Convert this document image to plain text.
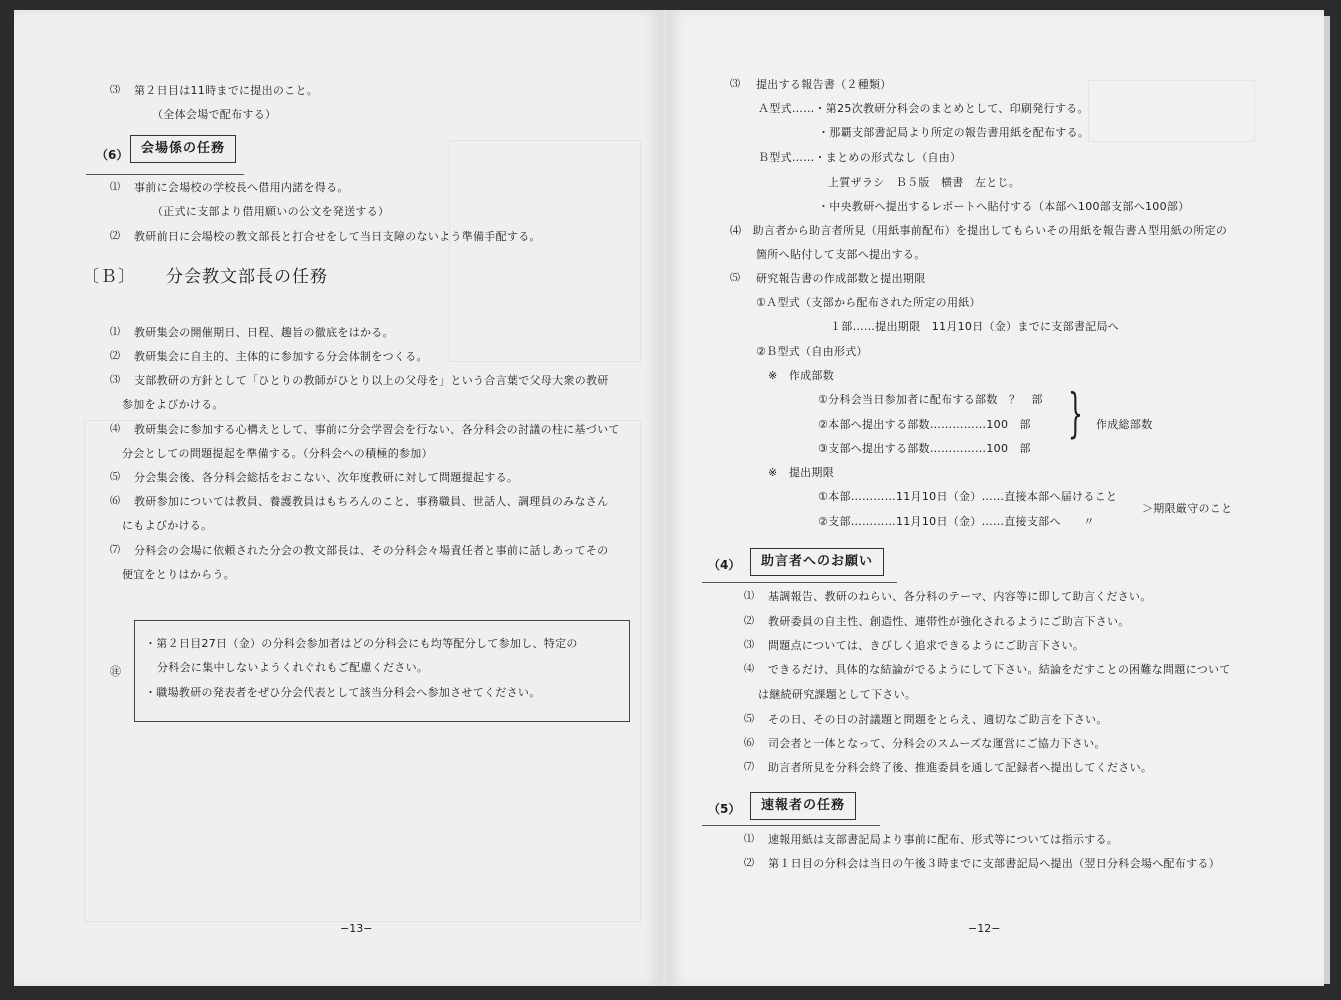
⑶ 第２日目は11時までに提出のこと。
（全体会場で配布する）
（6） 会場係の任務
⑴ 事前に会場校の学校長へ借用内諾を得る。
（正式に支部より借用願いの公文を発送する）
⑵ 教研前日に会場校の教文部長と打合せをして当日支障のないよう準備手配する。
〔Ｂ〕 分会教文部長の任務
⑴ 教研集会の開催期日、日程、趣旨の徹底をはかる。
⑵ 教研集会に自主的、主体的に参加する分会体制をつくる。
⑶ 支部教研の方針として「ひとりの教師がひとり以上の父母を」という合言葉で父母大衆の教研
参加をよびかける。
⑷ 教研集会に参加する心構えとして、事前に分会学習会を行ない、各分科会の討議の柱に基づいて
分会としての問題提起を準備する。（分科会への積極的参加）
⑸ 分会集会後、各分科会総括をおこない、次年度教研に対して問題提起する。
⑹ 教研参加については教員、養護教員はもちろんのこと、事務職員、世話人、調理員のみなさん
にもよびかける。
⑺ 分科会の会場に依頼された分会の教文部長は、その分科会々場責任者と事前に話しあってその
便宜をとりはからう。
㊟
・第２日目27日（金）の分科会参加者はどの分科会にも均等配分して参加し、特定の
分科会に集中しないようくれぐれもご配慮ください。
・職場教研の発表者をぜひ分会代表として該当分科会へ参加させてください。
−13−
⑶ 提出する報告書（２種類）
Ａ型式……・第25次教研分科会のまとめとして、印刷発行する。
・那覇支部書記局より所定の報告書用紙を配布する。
Ｂ型式……・まとめの形式なし（自由）
上質ザラシ　Ｂ５版　横書　左とじ。
・中央教研へ提出するレポートへ貼付する（本部へ100部支部へ100部）
⑷　助言者から助言者所見（用紙事前配布）を提出してもらいその用紙を報告書Ａ型用紙の所定の
箇所へ貼付して支部へ提出する。
⑸ 研究報告書の作成部数と提出期限
①Ａ型式（支部から配布された所定の用紙）
１部……提出期限　11月10日（金）までに支部書記局へ
②Ｂ型式（自由形式）
※　作成部数
①分科会当日参加者に配布する部数　？　部
②本部へ提出する部数……………100　部
③支部へ提出する部数……………100　部
} 作成総部数
※　提出期限
①本部…………11月10日（金）……直接本部へ届けること
②支部…………11月10日（金）……直接支部へ　　〃
＞期限厳守のこと
（4）	助言者へのお願い
⑴ 基調報告、教研のねらい、各分科のテーマ、内容等に即して助言ください。
⑵ 教研委員の自主性、創造性、連帯性が強化されるようにご助言下さい。
⑶ 問題点については、きびしく追求できるようにご助言下さい。
⑷ できるだけ、具体的な結論がでるようにして下さい。結論をだすことの困難な問題について
は継続研究課題として下さい。
⑸ その日、その日の討議題と問題をとらえ、適切なご助言を下さい。
⑹ 司会者と一体となって、分科会のスムーズな運営にご協力下さい。
⑺ 助言者所見を分科会終了後、推進委員を通して記録者へ提出してください。
（5）	速報者の任務
⑴ 速報用紙は支部書記局より事前に配布、形式等については指示する。
⑵ 第１日目の分科会は当日の午後３時までに支部書記局へ提出（翌日分科会場へ配布する）
−12−
